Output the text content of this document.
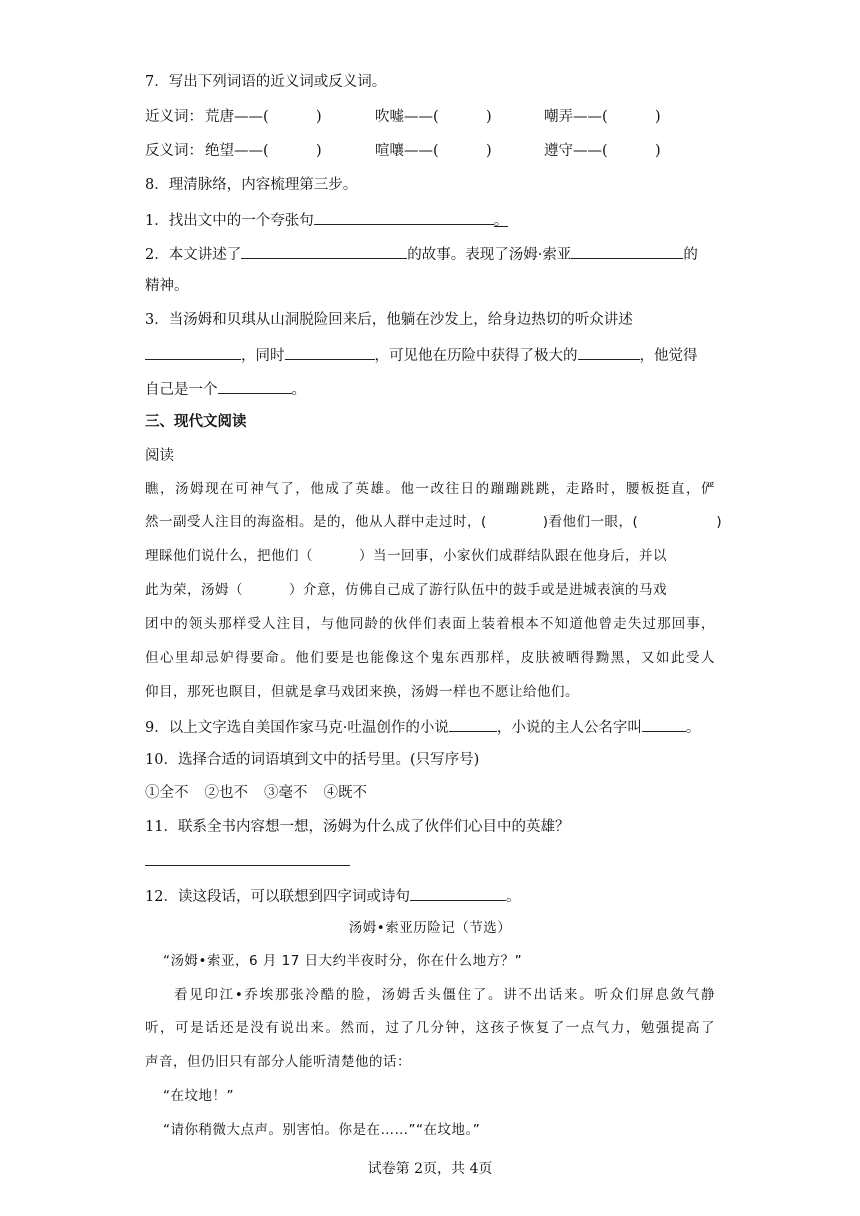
7．写出下列词语的近义词或反义词。
近义词： 荒唐——(	)	吹嘘——(	)	嘲弄——(	)
反义词： 绝望——(	)	喧嚷——(	)	遵守——(	)
8．理清脉络，内容梳理第三步。
1．找出文中的一个夸张句	。
2．本文讲述了	的故事。表现了汤姆·索亚	的
精神。
3．当汤姆和贝琪从山洞脱险回来后，他躺在沙发上，给身边热切的听众讲述
，同时	，可见他在历险中获得了极大的	，他觉得
自己是一个	。
三、现代文阅读
阅读
瞧，汤姆现在可神气了，他成了英雄。他一改往日的蹦蹦跳跳，走路时，腰板挺直，俨
然一副受人注目的海盗相。是的，他从人群中走过时，(	)看他们一眼，(	)
理睬他们说什么，把他们（	）当一回事，小家伙们成群结队跟在他身后，并以
此为荣，汤姆（	）介意，仿佛自己成了游行队伍中的鼓手或是进城表演的马戏
团中的领头那样受人注目，与他同龄的伙伴们表面上装着根本不知道他曾走失过那回事，
但心里却忌妒得要命。他们要是也能像这个鬼东西那样，皮肤被晒得黝黑，又如此受人
仰目，那死也瞑目，但就是拿马戏团来换，汤姆一样也不愿让给他们。
9．以上文字选自美国作家马克·吐温创作的小说	，小说的主人公名字叫	。
10．选择合适的词语填到文中的括号里。(只写序号)
①全不 ②也不 ③毫不 ④既不
11．联系全书内容想一想，汤姆为什么成了伙伴们心目中的英雄？
12．读这段话，可以联想到四字词或诗句	。
汤姆•索亚历险记（节选）
“汤姆•索亚，6 月 17 日大约半夜时分，你在什么地方？”
看见印江•乔埃那张冷酷的脸，汤姆舌头僵住了。讲不出话来。听众们屏息敛气静
听，可是话还是没有说出来。然而，过了几分钟，这孩子恢复了一点气力，勉强提高了
声音，但仍旧只有部分人能听清楚他的话：
“在坟地！”
“请你稍微大点声。别害怕。你是在……”“在坟地。”
试卷第 2页，共 4页
